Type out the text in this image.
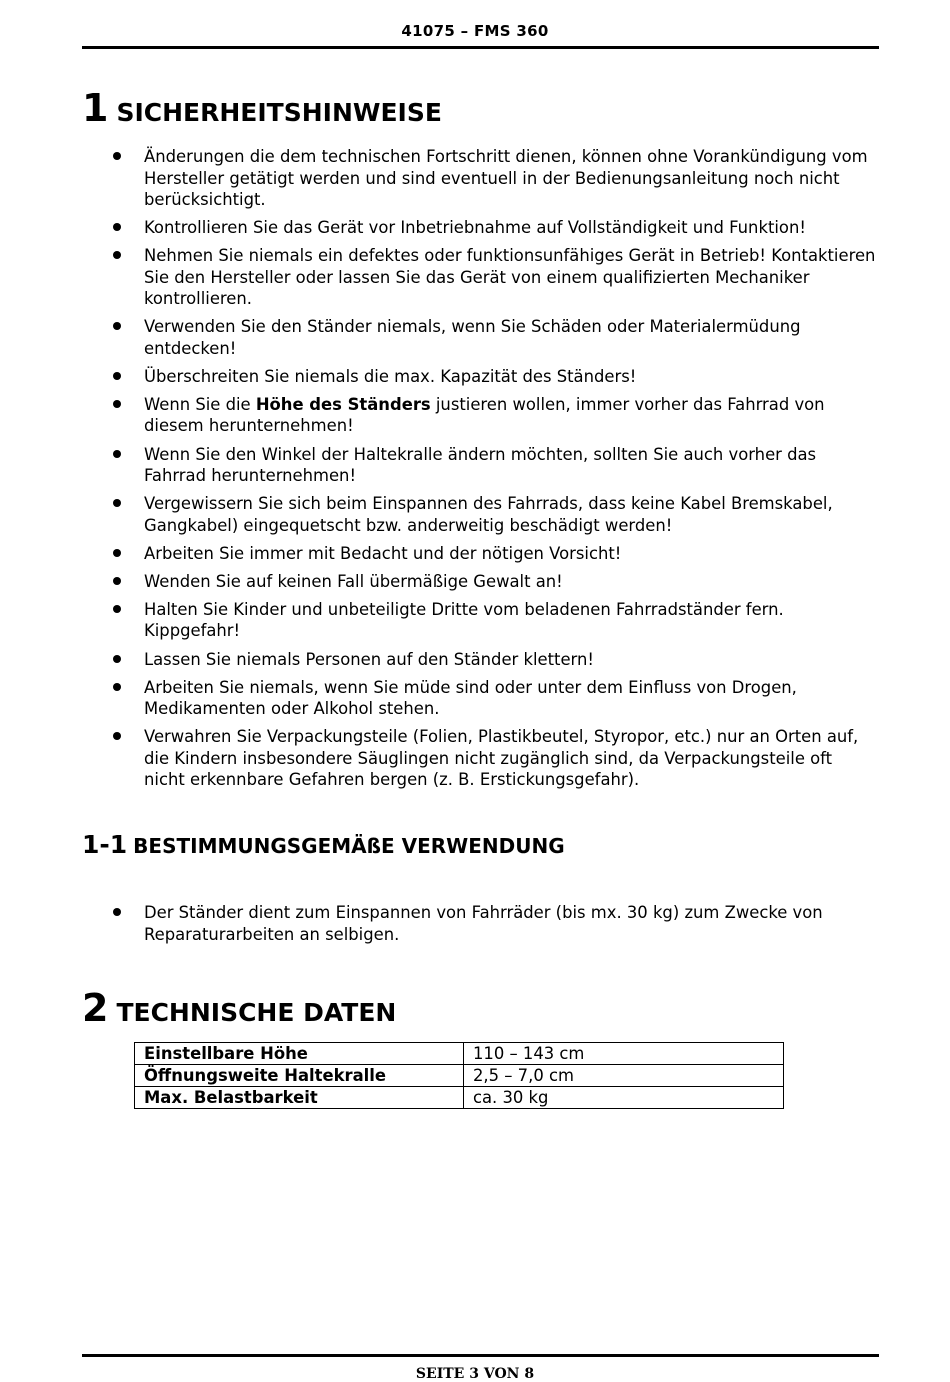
41075 – FMS 360
1 SICHERHEITSHINWEISE
Änderungen die dem technischen Fortschritt dienen, können ohne Vorankündigung vom Hersteller getätigt werden und sind eventuell in der Bedienungsanleitung noch nicht berücksichtigt.
Kontrollieren Sie das Gerät vor Inbetriebnahme auf Vollständigkeit und Funktion!
Nehmen Sie niemals ein defektes oder funktionsunfähiges Gerät in Betrieb! Kontaktieren Sie den Hersteller oder lassen Sie das Gerät von einem qualifizierten Mechaniker kontrollieren.
Verwenden Sie den Ständer niemals, wenn Sie Schäden oder Materialermüdung entdecken!
Überschreiten Sie niemals die max. Kapazität des Ständers!
Wenn Sie die Höhe des Ständers justieren wollen, immer vorher das Fahrrad von diesem herunternehmen!
Wenn Sie den Winkel der Haltekralle ändern möchten, sollten Sie auch vorher das Fahrrad herunternehmen!
Vergewissern Sie sich beim Einspannen des Fahrrads, dass keine Kabel Bremskabel, Gangkabel) eingequetscht bzw. anderweitig beschädigt werden!
Arbeiten Sie immer mit Bedacht und der nötigen Vorsicht!
Wenden Sie auf keinen Fall übermäßige Gewalt an!
Halten Sie Kinder und unbeteiligte Dritte vom beladenen Fahrradständer fern. Kippgefahr!
Lassen Sie niemals Personen auf den Ständer klettern!
Arbeiten Sie niemals, wenn Sie müde sind oder unter dem Einfluss von Drogen, Medikamenten oder Alkohol stehen.
Verwahren Sie Verpackungsteile (Folien, Plastikbeutel, Styropor, etc.) nur an Orten auf, die Kindern insbesondere Säuglingen nicht zugänglich sind, da Verpackungsteile oft nicht erkennbare Gefahren bergen (z. B. Erstickungsgefahr).
1-1 BESTIMMUNGSGEMÄßE VERWENDUNG
Der Ständer dient zum Einspannen von Fahrräder (bis mx. 30 kg) zum Zwecke von Reparaturarbeiten an selbigen.
2 TECHNISCHE DATEN
Einstellbare Höhe	110 – 143 cm
Öffnungsweite Haltekralle	2,5 – 7,0 cm
Max. Belastbarkeit	ca. 30 kg
SEITE 3 VON 8
